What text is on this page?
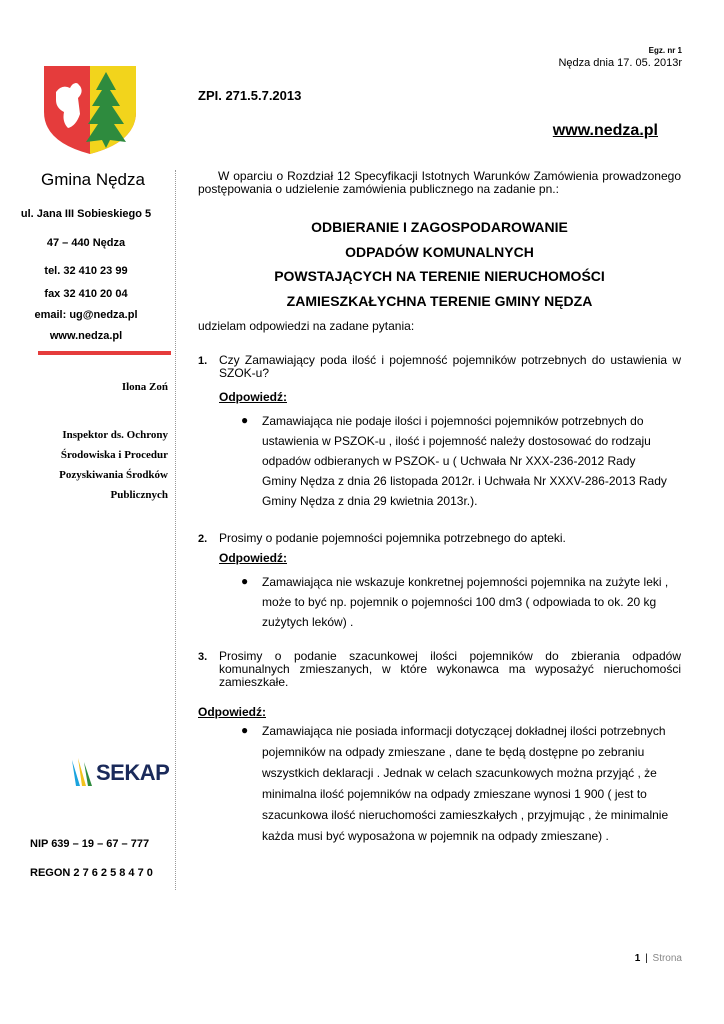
Egz. nr 1
Nędza dnia 17. 05. 2013r
ZPI. 271.5.7.2013
www.nedza.pl
Gmina Nędza
ul. Jana III Sobieskiego 5
47 – 440 Nędza
tel. 32 410 23 99
fax 32 410 20 04
email: ug@nedza.pl
www.nedza.pl
Ilona Zoń
Inspektor ds. Ochrony
Środowiska i Procedur
Pozyskiwania Środków
Publicznych
SEKAP
NIP 639 – 19 – 67 – 777
REGON 2 7 6 2 5 8 4 7 0
W oparciu o Rozdział 12 Specyfikacji Istotnych Warunków Zamówienia prowadzonego postępowania o udzielenie zamówienia publicznego na zadanie pn.:
ODBIERANIE I ZAGOSPODAROWANIE
ODPADÓW KOMUNALNYCH
POWSTAJĄCYCH NA TERENIE NIERUCHOMOŚCI
ZAMIESZKAŁYCHNA TERENIE GMINY NĘDZA
udzielam odpowiedzi na zadane pytania:
1. Czy Zamawiający poda ilość i pojemność pojemników potrzebnych do ustawienia w SZOK-u?
Odpowiedź:
● Zamawiająca nie podaje ilości i pojemności pojemników potrzebnych do
ustawienia w PSZOK-u , ilość i pojemność należy dostosować do rodzaju
odpadów odbieranych w PSZOK- u ( Uchwała Nr XXX-236-2012 Rady
Gminy Nędza z dnia 26 listopada 2012r. i Uchwała Nr XXXV-286-2013 Rady
Gminy Nędza z dnia 29 kwietnia 2013r.).
2. Prosimy o podanie pojemności pojemnika potrzebnego do apteki.
Odpowiedź:
● Zamawiająca nie wskazuje konkretnej pojemności pojemnika na zużyte leki ,
może to być np. pojemnik o pojemności 100 dm3 ( odpowiada to ok. 20 kg
zużytych leków) .
3. Prosimy o podanie szacunkowej ilości pojemników do zbierania odpadów komunalnych zmieszanych, w które wykonawca ma wyposażyć nieruchomości zamieszkałe.
Odpowiedź:
● Zamawiająca nie posiada informacji dotyczącej dokładnej ilości potrzebnych
pojemników na odpady zmieszane , dane te będą dostępne po zebraniu
wszystkich deklaracji . Jednak w celach szacunkowych można przyjąć , że
minimalna ilość pojemników na odpady zmieszane wynosi 1 900 ( jest to
szacunkowa ilość nieruchomości zamieszkałych , przyjmując , że minimalnie
każda musi być wyposażona w pojemnik na odpady zmieszane) .
1 | Strona
